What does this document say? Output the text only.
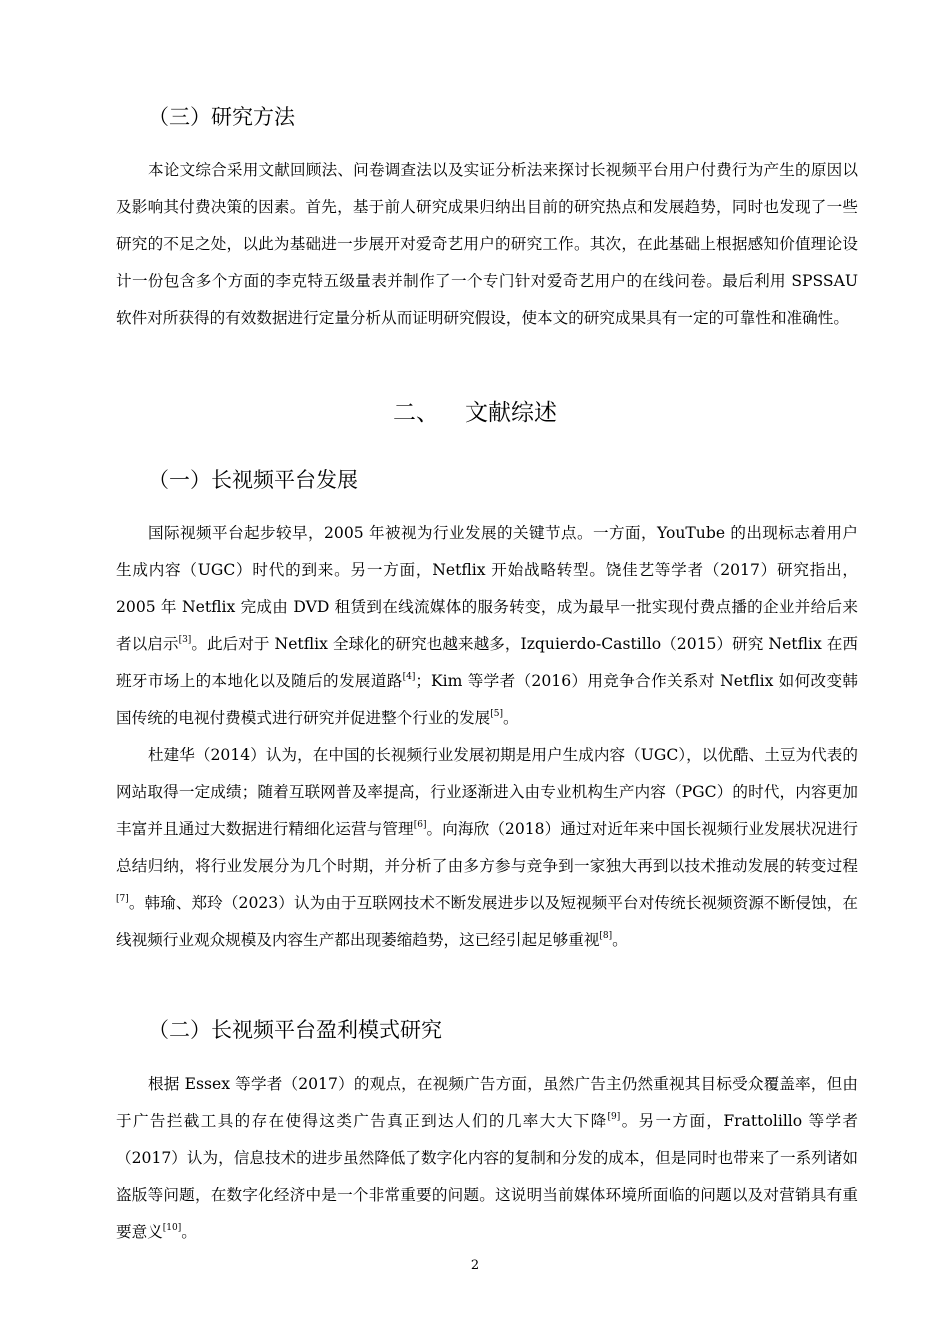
（三）研究方法

本论文综合采用文献回顾法、问卷调查法以及实证分析法来探讨长视频平台用户付费行为产生的原因以及影响其付费决策的因素。首先，基于前人研究成果归纳出目前的研究热点和发展趋势，同时也发现了一些研究的不足之处，以此为基础进一步展开对爱奇艺用户的研究工作。其次，在此基础上根据感知价值理论设计一份包含多个方面的李克特五级量表并制作了一个专门针对爱奇艺用户的在线问卷。最后利用 SPSSAU 软件对所获得的有效数据进行定量分析从而证明研究假设，使本文的研究成果具有一定的可靠性和准确性。

二、 文献综述
（一）长视频平台发展

国际视频平台起步较早，2005 年被视为行业发展的关键节点。一方面，YouTube 的出现标志着用户生成内容（UGC）时代的到来。另一方面，Netflix 开始战略转型。饶佳艺等学者（2017）研究指出，2005 年 Netflix 完成由 DVD 租赁到在线流媒体的服务转变，成为最早一批实现付费点播的企业并给后来者以启示[3]。此后对于 Netflix 全球化的研究也越来越多，Izquierdo-Castillo（2015）研究 Netflix 在西班牙市场上的本地化以及随后的发展道路[4]；Kim 等学者（2016）用竞争合作关系对 Netflix 如何改变韩国传统的电视付费模式进行研究并促进整个行业的发展[5]。

杜建华（2014）认为，在中国的长视频行业发展初期是用户生成内容（UGC），以优酷、土豆为代表的网站取得一定成绩；随着互联网普及率提高，行业逐渐进入由专业机构生产内容（PGC）的时代，内容更加丰富并且通过大数据进行精细化运营与管理[6]。向海欣（2018）通过对近年来中国长视频行业发展状况进行总结归纳，将行业发展分为几个时期，并分析了由多方参与竞争到一家独大再到以技术推动发展的转变过程[7]。韩瑜、郑玲（2023）认为由于互联网技术不断发展进步以及短视频平台对传统长视频资源不断侵蚀，在线视频行业观众规模及内容生产都出现萎缩趋势，这已经引起足够重视[8]。

（二）长视频平台盈利模式研究

根据 Essex 等学者（2017）的观点，在视频广告方面，虽然广告主仍然重视其目标受众覆盖率，但由于广告拦截工具的存在使得这类广告真正到达人们的几率大大下降[9]。另一方面，Frattolillo 等学者（2017）认为，信息技术的进步虽然降低了数字化内容的复制和分发的成本，但是同时也带来了一系列诸如盗版等问题，在数字化经济中是一个非常重要的问题。这说明当前媒体环境所面临的问题以及对营销具有重要意义[10]。

2
